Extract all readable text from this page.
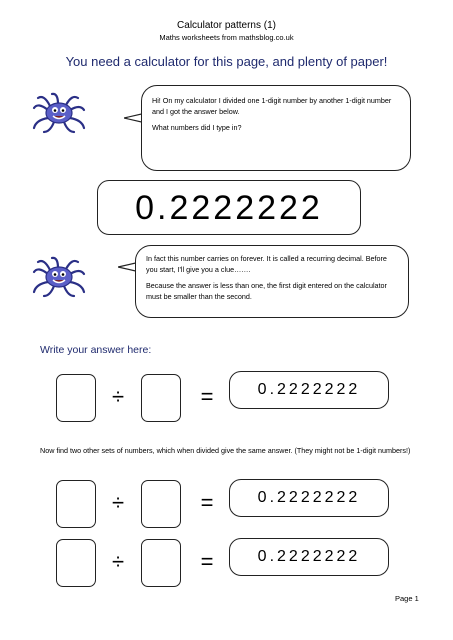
Calculator patterns (1)
Maths worksheets from mathsblog.co.uk
You need a calculator for this page, and plenty of paper!

Hi! On my calculator I divided one 1-digit number by another 1-digit number and I got the answer below.

What numbers did I type in?

0.2222222

In fact this number carries on forever. It is called a recurring decimal. Before you start, I'll give you a clue…….

Because the answer is less than one, the first digit entered on the calculator must be smaller than the second.

Write your answer here:
÷	=	0.2222222
Now find two other sets of numbers, which when divided give the same answer. (They might not be 1-digit numbers!)
÷	=	0.2222222
÷	=	0.2222222
Page 1
